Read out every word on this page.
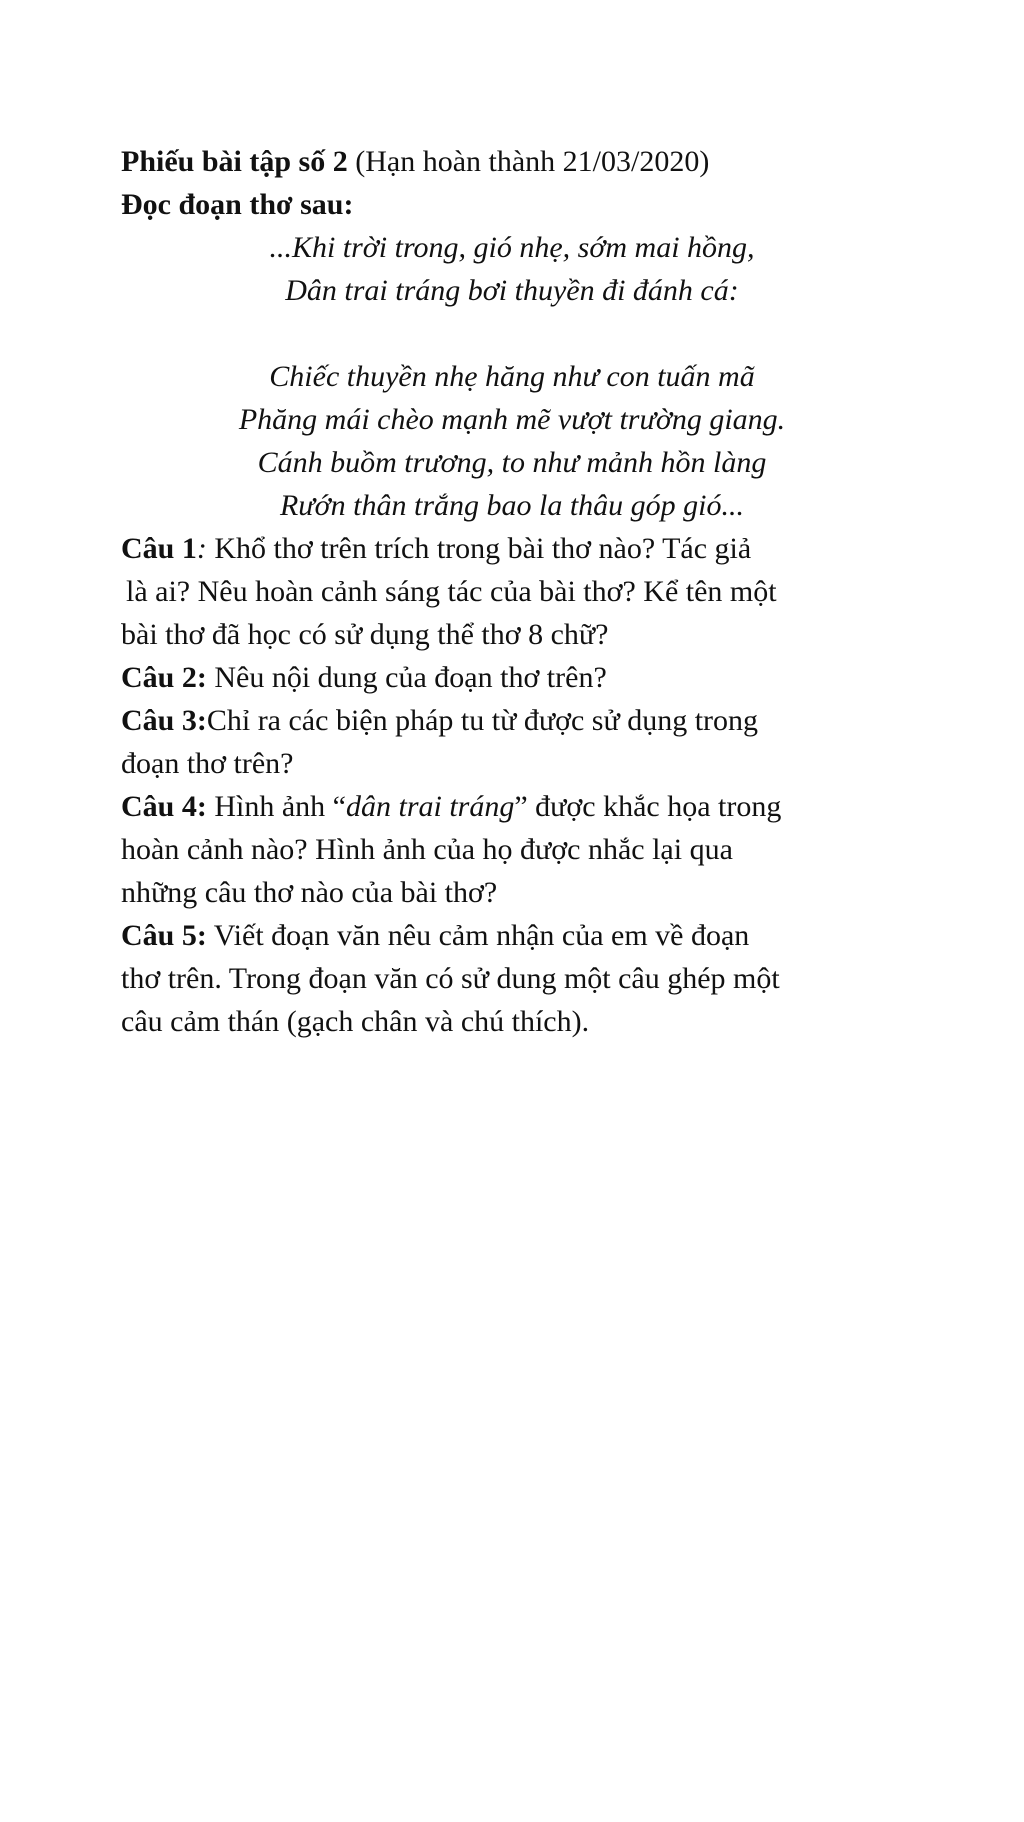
Phiếu bài tập số 2 (Hạn hoàn thành 21/03/2020)
Đọc đoạn thơ sau:
...Khi trời trong, gió nhẹ, sớm mai hồng,
Dân trai tráng bơi thuyền đi đánh cá:
Chiếc thuyền nhẹ hăng như con tuấn mã
Phăng mái chèo mạnh mẽ vượt trường giang.
Cánh buồm trương, to như mảnh hồn làng
Rướn thân trắng bao la thâu góp gió...
Câu 1: Khổ thơ trên trích trong bài thơ nào? Tác giả
là ai? Nêu hoàn cảnh sáng tác của bài thơ? Kể tên một
bài thơ đã học có sử dụng thể thơ 8 chữ?
Câu 2: Nêu nội dung của đoạn thơ trên?
Câu 3:Chỉ ra các biện pháp tu từ được sử dụng trong
đoạn thơ trên?
Câu 4: Hình ảnh “dân trai tráng” được khắc họa trong
hoàn cảnh nào? Hình ảnh của họ được nhắc lại qua
những câu thơ nào của bài thơ?
Câu 5: Viết đoạn văn nêu cảm nhận của em về đoạn
thơ trên. Trong đoạn văn có sử dung một câu ghép một
câu cảm thán (gạch chân và chú thích).
